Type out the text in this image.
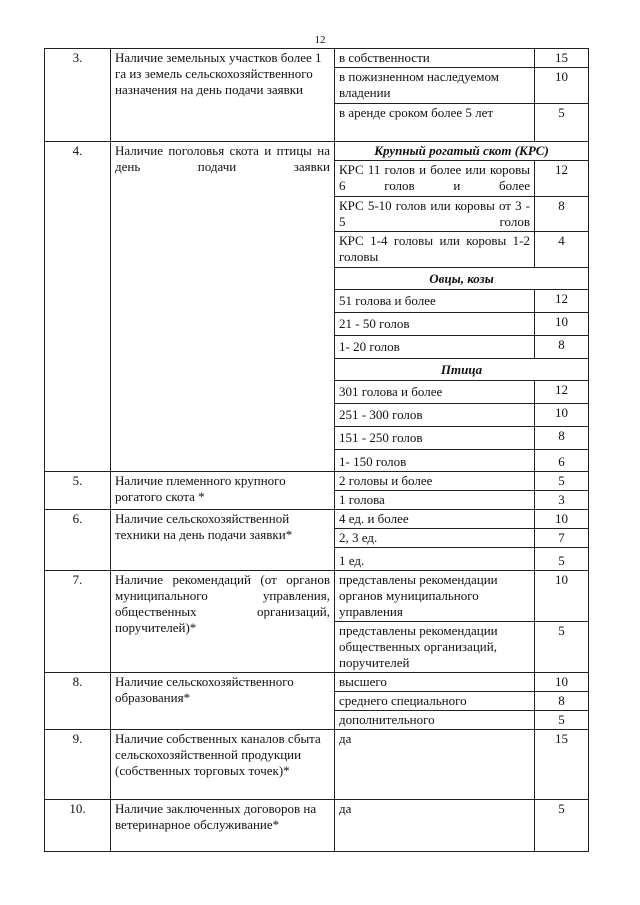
12
3.	Наличие земельных участков более 1 га из земель сельскохозяйственного назначения на день подачи заявки	в собственности	15
		в пожизненном наследуемом владении	10
		в аренде сроком более 5 лет	5
4.	Наличие поголовья скота и птицы на день подачи заявки	Крупный рогатый скот (КРС)	
		КРС 11 голов и более или коровы 6 голов и более	12
		КРС 5-10 голов или коровы от 3 - 5 голов	8
		КРС 1-4 головы или коровы 1-2 головы	4
		Овцы, козы	
		51 голова и более	12
		21 - 50 голов	10
		1- 20 голов	8
		Птица	
		301 голова и более	12
		251 - 300 голов	10
		151 - 250 голов	8
		1- 150 голов	6
5.	Наличие племенного крупного рогатого скота *	2 головы и более	5
		1 голова	3
6.	Наличие сельскохозяйственной техники на день подачи заявки*	4 ед. и более	10
		2, 3 ед.	7
		1 ед.	5
7.	Наличие рекомендаций (от органов муниципального управления, общественных организаций, поручителей)*	представлены рекомендации органов муниципального управления	10
		представлены рекомендации общественных организаций, поручителей	5
8.	Наличие сельскохозяйственного образования*	высшего	10
		среднего специального	8
		дополнительного	5
9.	Наличие собственных каналов сбыта сельскохозяйственной продукции (собственных торговых точек)*	да	15
10.	Наличие заключенных договоров на ветеринарное обслуживание*	да	5
